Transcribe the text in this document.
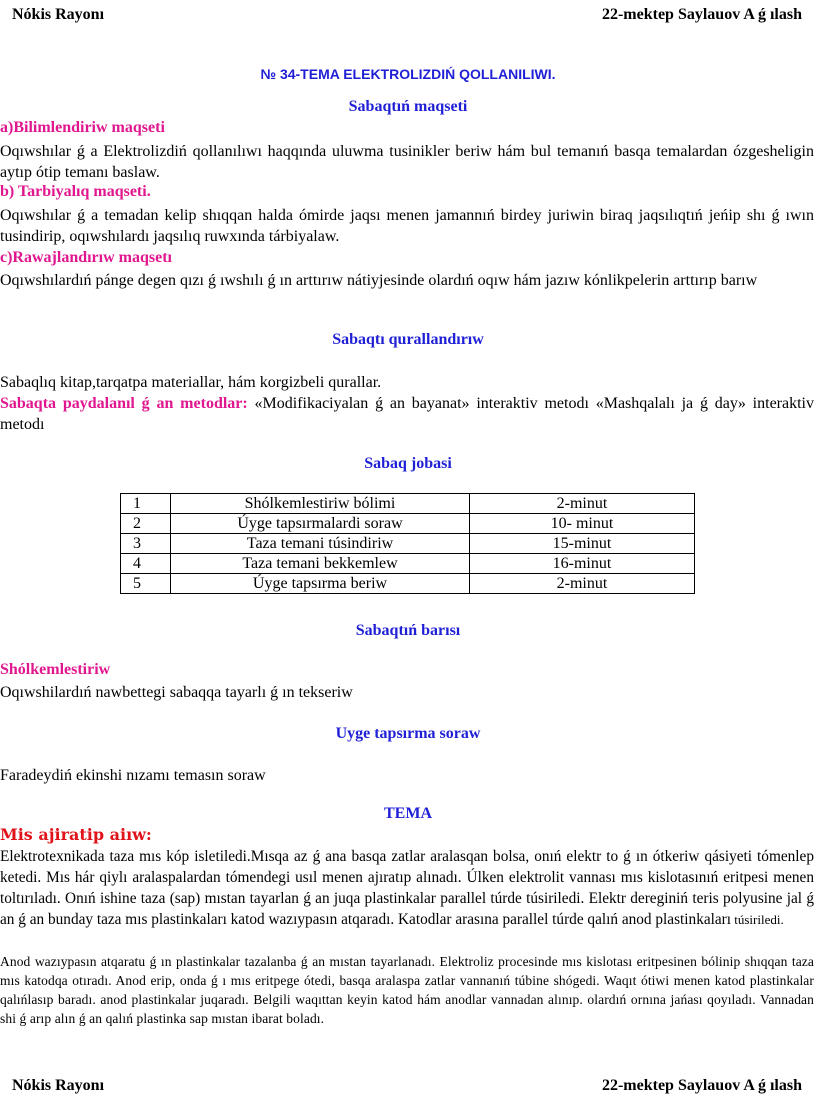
Nókis Rayonı	22-mektep Saylauov A ǵ ılash
№ 34-TEMA ELEKTROLIZDIŃ QOLLANILIWI.
Sabaqtıń maqseti
a)Bilimlendiriw maqseti
Oqıwshılar ǵ a Elektrolizdiń qollanılıwı haqqında uluwma tusinikler beriw hám bul temanıń basqa temalardan ózgesheligin aytıp ótip temanı baslaw.
b) Tarbiyalıq maqseti.
Oqıwshılar ǵ a temadan kelip shıqqan halda ómirde jaqsı menen jamannıń birdey juriwin biraq jaqsılıqtıń jeńip shı ǵ ıwın tusindirip, oqıwshılardı jaqsılıq ruwxında tárbiyalaw.
c)Rawajlandırıw maqsetı
Oqıwshılardıń pánge degen qızı ǵ ıwshılı ǵ ın arttırıw nátiyjesinde olardıń oqıw hám jazıw kónlikpelerin arttırıp barıw
Sabaqtı qurallandırıw
Sabaqlıq kitap,tarqatpa materiallar, hám korgizbeli qurallar.
Sabaqta paydalanıl ǵ an metodlar: «Modifikaciyalan ǵ an bayanat» interaktiv metodı «Mashqalalı ja ǵ day» interaktiv metodı
Sabaq jobasi
1	Shólkemlestiriw bólimi	2-minut
2	Úyge tapsırmalardi soraw	10- minut
3	Taza temani túsindiriw	15-minut
4	Taza temani bekkemlew	16-minut
5	Úyge tapsırma beriw	2-minut
Sabaqtıń barısı
Shólkemlestiriw
Oqıwshilardıń nawbettegi sabaqqa tayarlı ǵ ın tekseriw
Uyge tapsırma soraw
Faradeydiń ekinshi nızamı temasın soraw
TEMA
Mis ajiratip aiıw:
Elektrotexnikada taza mıs kóp isletiledi.Mısqa az ǵ ana basqa zatlar aralasqan bolsa, onıń elektr to ǵ ın ótkeriw qásiyeti tómenlep ketedi. Mıs hár qiylı aralaspalardan tómendegi usıl menen ajıratıp alınadı. Úlken elektrolit vannası mıs kislotasınıń eritpesi menen toltırıladı. Onıń ishine taza (sap) mıstan tayarlan ǵ an juqa plastinkalar parallel túrde túsiriledi. Elektr deregi​niń teris polyusine jal ǵ an ǵ an bunday taza mıs plastinkaları katod wazıypasın atqaradı. Katodlar arasına parallel túrde qalıń anod plastinkaları túsiriledi.
Anod wazıypasın atqaratu ǵ ın plastinkalar tazalanba ǵ an mıstan tayarlanadı. Elektroliz procesinde mıs kislotası eritpesinen bólinip shıqqan taza mıs katodqa otıradı. Anod erip, onda ǵ ı mıs eritpege ótedi, basqa aralaspa zatlar vannanıń túbine shógedi. Waqıt ótiwi menen katod plastinkalar qalıńlasıp baradı. anod plastinkalar juqaradı. Belgili waqıttan keyin katod hám anodlar vannadan alınıp. olardıń ornına jańası qoyıladı. Vannadan shi ǵ arıp alın ǵ an qalıń plastinka sap mıstan ibarat boladı.
Nókis Rayonı	22-mektep Saylauov A ǵ ılash
